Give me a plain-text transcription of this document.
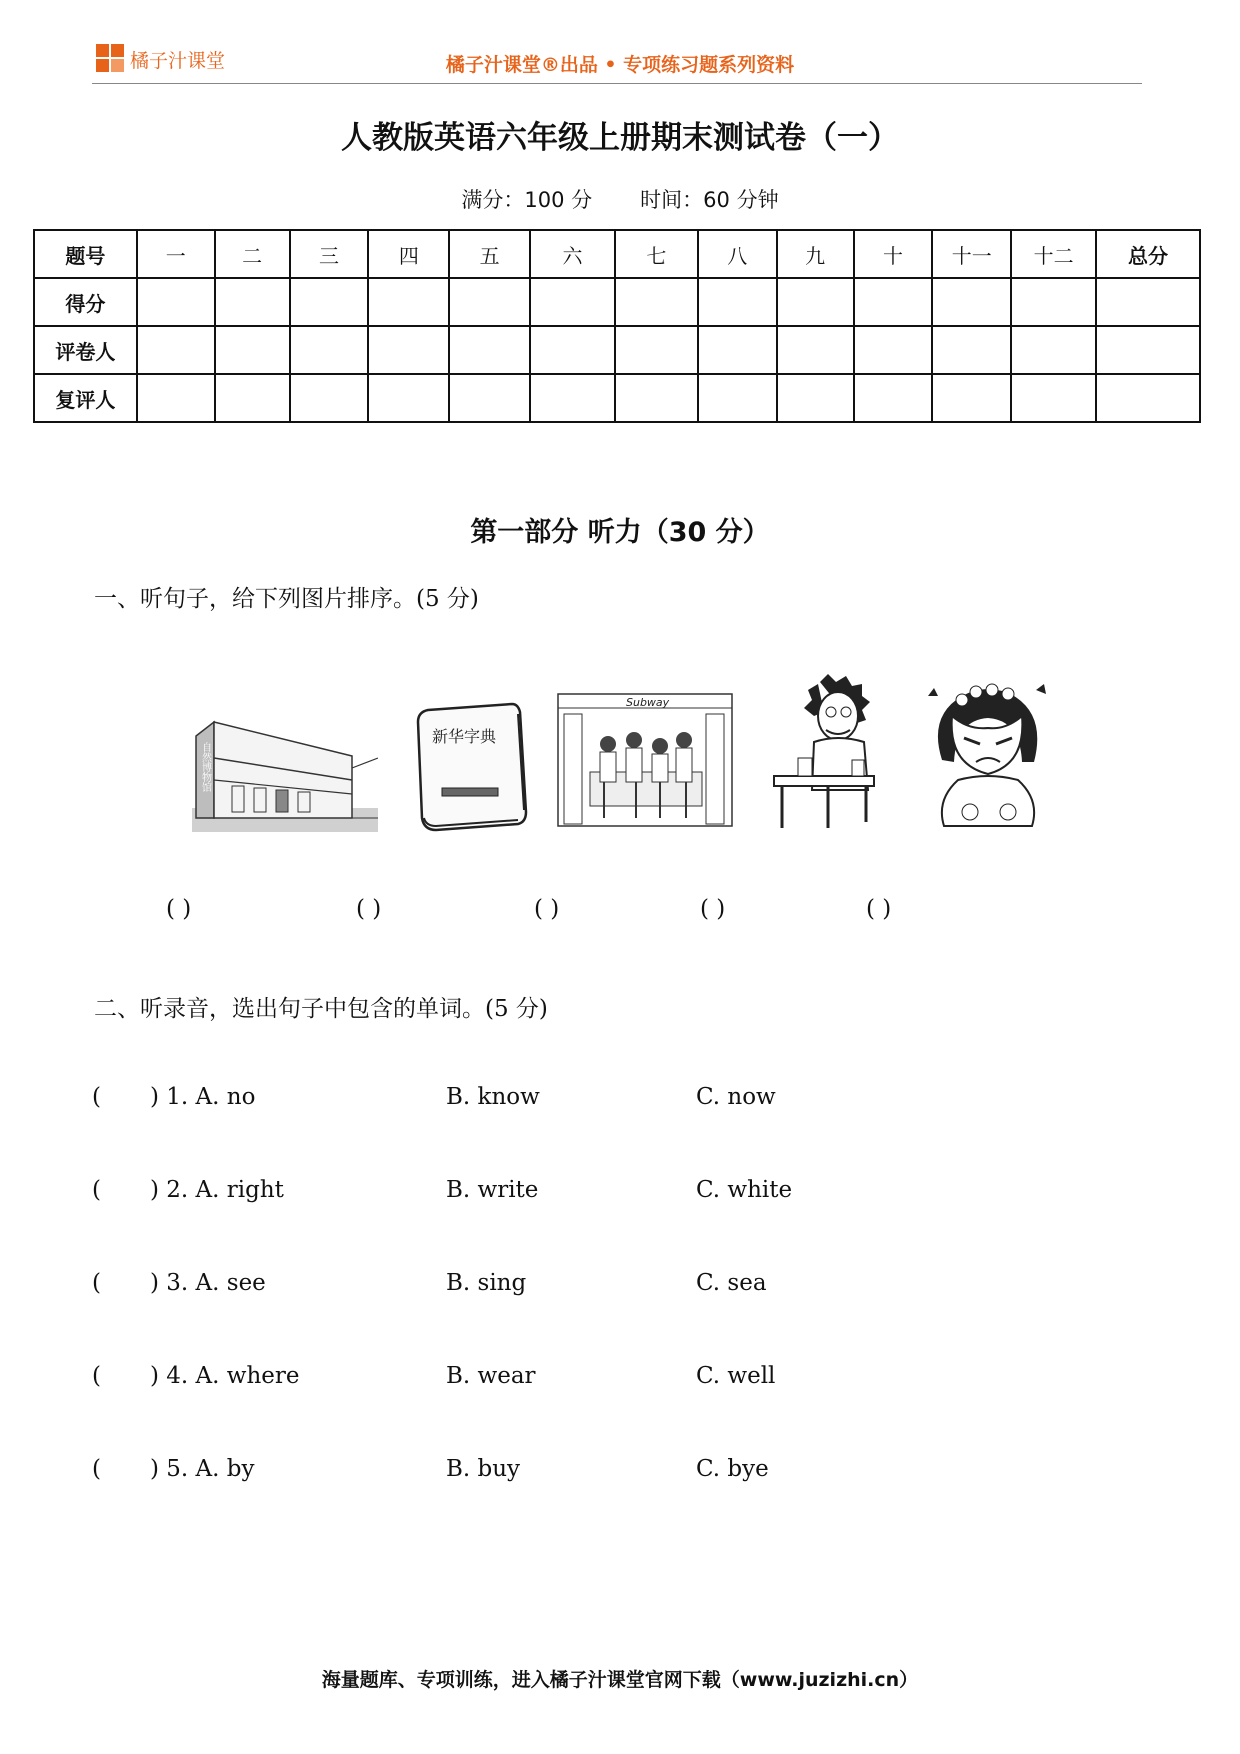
橘子汁课堂	橘子汁课堂®出品 • 专项练习题系列资料
人教版英语六年级上册期末测试卷（一）
满分：100 分 时间：60 分钟
题号	一	二	三	四	五	六	七	八	九	十	十一	十二	总分
得分													
评卷人													
复评人													
第一部分 听力（30 分）
一、听句子，给下列图片排序。(5 分)
自然博物馆
新华字典
Subway
( )	( )	( )	( )	( )
二、听录音，选出句子中包含的单词。(5 分)
( ) 1. A. no	B. know	C. now
( ) 2. A. right	B. write	C. white
( ) 3. A. see	B. sing	C. sea
( ) 4. A. where	B. wear	C. well
( ) 5. A. by	B. buy	C. bye
海量题库、专项训练，进入橘子汁课堂官网下载（www.juzizhi.cn）
